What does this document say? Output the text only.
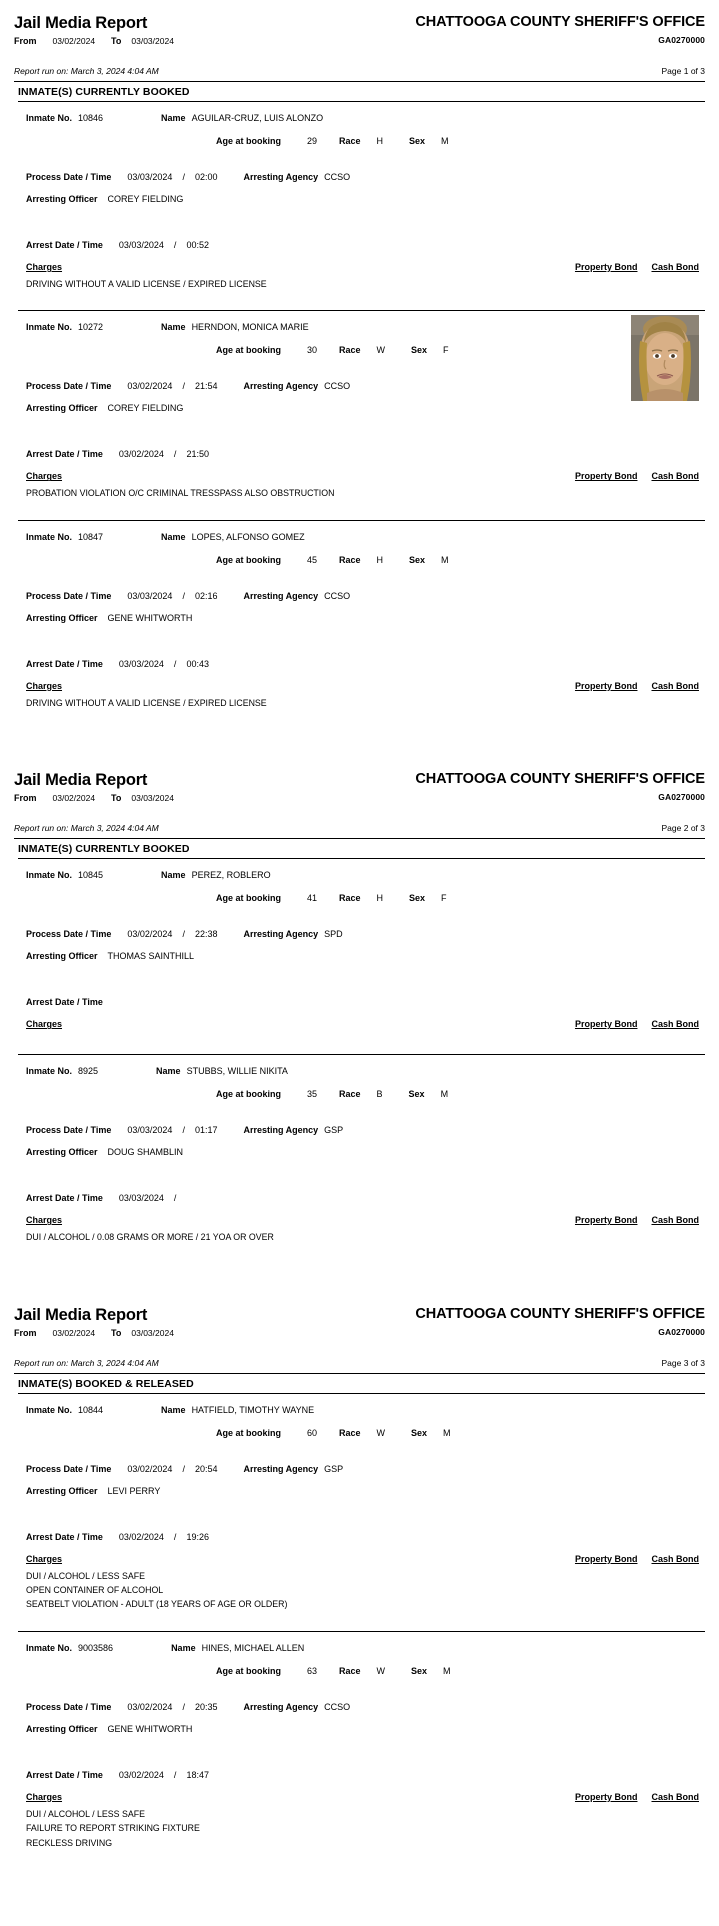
Jail Media Report	CHATTOOGA COUNTY SHERIFF'S OFFICE
GA0270000
From 03/02/2024 To 03/03/2024
Report run on: March 3, 2024 4:04 AM	Page 1 of 3
INMATE(S) CURRENTLY BOOKED
Inmate No. 10846	Name AGUILAR-CRUZ, LUIS ALONZO
Age at booking	29 Race H	Sex M
Process Date / Time 03/03/2024 / 02:00	Arresting Agency CCSO
Arresting Officer COREY FIELDING
Arrest Date / Time 03/03/2024 / 00:52
Charges	Property Bond Cash Bond
DRIVING WITHOUT A VALID LICENSE / EXPIRED LICENSE
Inmate No. 10272	Name HERNDON, MONICA MARIE
Age at booking	30 Race W	Sex F
Process Date / Time 03/02/2024 / 21:54	Arresting Agency CCSO
Arresting Officer COREY FIELDING
Arrest Date / Time 03/02/2024 / 21:50
Charges	Property Bond Cash Bond
PROBATION VIOLATION O/C CRIMINAL TRESSPASS ALSO OBSTRUCTION
Inmate No. 10847	Name LOPES, ALFONSO GOMEZ
Age at booking	45 Race H	Sex M
Process Date / Time 03/03/2024 / 02:16	Arresting Agency CCSO
Arresting Officer GENE WHITWORTH
Arrest Date / Time 03/03/2024 / 00:43
Charges	Property Bond Cash Bond
DRIVING WITHOUT A VALID LICENSE / EXPIRED LICENSE
Jail Media Report	CHATTOOGA COUNTY SHERIFF'S OFFICE
GA0270000
From 03/02/2024 To 03/03/2024
Report run on: March 3, 2024 4:04 AM	Page 2 of 3
INMATE(S) CURRENTLY BOOKED
Inmate No. 10845	Name PEREZ, ROBLERO
Age at booking	41 Race H	Sex F
Process Date / Time 03/02/2024 / 22:38	Arresting Agency SPD
Arresting Officer THOMAS SAINTHILL
Arrest Date / Time
Charges	Property Bond Cash Bond
Inmate No. 8925	Name STUBBS, WILLIE NIKITA
Age at booking	35 Race B	Sex M
Process Date / Time 03/03/2024 / 01:17	Arresting Agency GSP
Arresting Officer DOUG SHAMBLIN
Arrest Date / Time 03/03/2024 /
Charges	Property Bond Cash Bond
DUI / ALCOHOL / 0.08 GRAMS OR MORE / 21 YOA OR OVER
Jail Media Report	CHATTOOGA COUNTY SHERIFF'S OFFICE
GA0270000
From 03/02/2024 To 03/03/2024
Report run on: March 3, 2024 4:04 AM	Page 3 of 3
INMATE(S) BOOKED & RELEASED
Inmate No. 10844	Name HATFIELD, TIMOTHY WAYNE
Age at booking	60 Race W	Sex M
Process Date / Time 03/02/2024 / 20:54	Arresting Agency GSP
Arresting Officer LEVI PERRY
Arrest Date / Time 03/02/2024 / 19:26
Charges	Property Bond Cash Bond
DUI / ALCOHOL / LESS SAFE
OPEN CONTAINER OF ALCOHOL
SEATBELT VIOLATION - ADULT (18 YEARS OF AGE OR OLDER)
Inmate No. 9003586	Name HINES, MICHAEL ALLEN
Age at booking	63 Race W	Sex M
Process Date / Time 03/02/2024 / 20:35	Arresting Agency CCSO
Arresting Officer GENE WHITWORTH
Arrest Date / Time 03/02/2024 / 18:47
Charges	Property Bond Cash Bond
DUI / ALCOHOL / LESS SAFE
FAILURE TO REPORT STRIKING FIXTURE
RECKLESS DRIVING
